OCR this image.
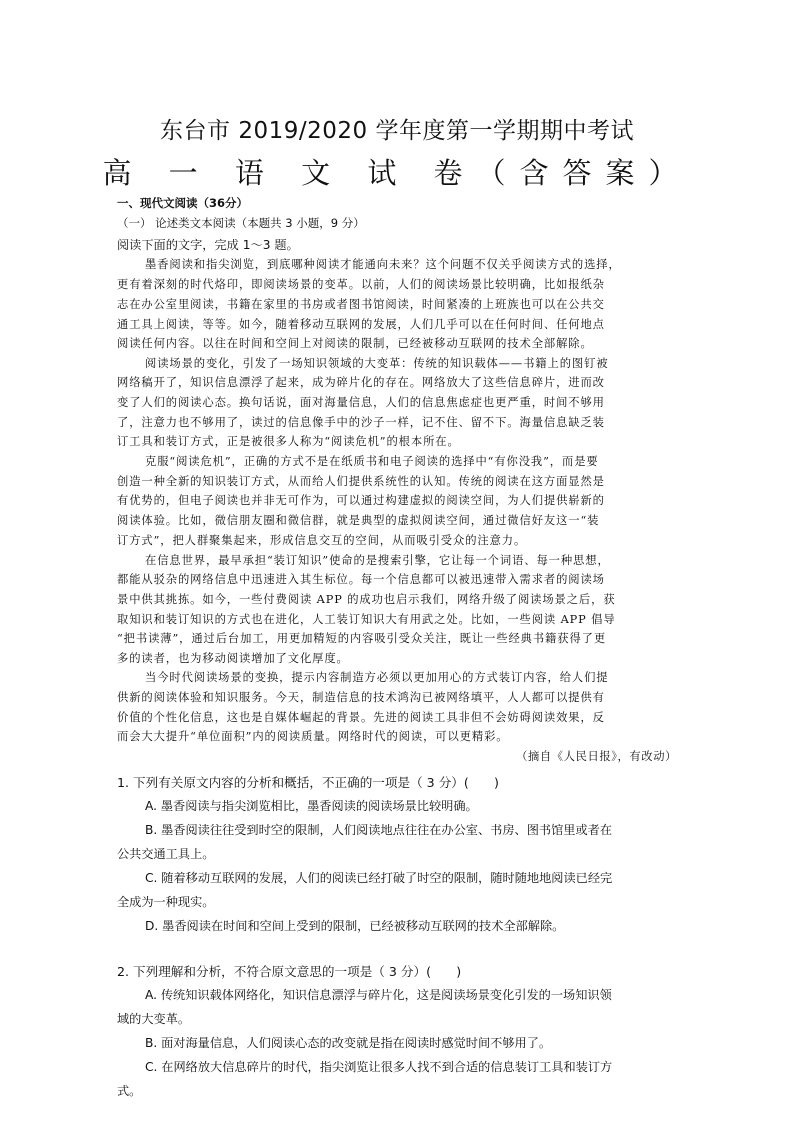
东台市 2019/2020 学年度第一学期期中考试
高 一 语 文 试 卷（含答案）
一、现代文阅读（36分）
（一） 论述类文本阅读（本题共 3 小题，9 分）
阅读下面的文字，完成 1～3 题。
墨香阅读和指尖浏览，到底哪种阅读才能通向未来？这个问题不仅关乎阅读方式的选择，
更有着深刻的时代烙印，即阅读场景的变革。以前，人们的阅读场景比较明确，比如报纸杂
志在办公室里阅读，书籍在家里的书房或者图书馆阅读，时间紧凑的上班族也可以在公共交
通工具上阅读，等等。如今，随着移动互联网的发展，人们几乎可以在任何时间、任何地点
阅读任何内容。以往在时间和空间上对阅读的限制，已经被移动互联网的技术全部解除。
阅读场景的变化，引发了一场知识领域的大变革：传统的知识载体——书籍上的图钉被
网络稿开了，知识信息漂浮了起来，成为碎片化的存在。网络放大了这些信息碎片，进而改
变了人们的阅读心态。换句话说，面对海量信息，人们的信息焦虑症也更严重，时间不够用
了，注意力也不够用了，读过的信息像手中的沙子一样，记不住、留不下。海量信息缺乏装
订工具和装订方式，正是被很多人称为“阅读危机”的根本所在。
克服“阅读危机”，正确的方式不是在纸质书和电子阅读的选择中“有你没我”，而是要
创造一种全新的知识装订方式，从而给人们提供系统性的认知。传统的阅读在这方面显然是
有优势的，但电子阅读也并非无可作为，可以通过构建虚拟的阅读空间，为人们提供崭新的
阅读体验。比如，微信朋友圈和微信群，就是典型的虚拟阅读空间，通过微信好友这一“装
订方式”，把人群聚集起来，形成信息交互的空间，从而吸引受众的注意力。
在信息世界，最早承担“装订知识”使命的是搜索引擎，它让每一个词语、每一种思想，
都能从驳杂的网络信息中迅速进入其生标位。每一个信息都可以被迅速带入需求者的阅读场
景中供其挑拣。如今，一些付费阅读 APP 的成功也启示我们，网络升级了阅读场景之后，获
取知识和装订知识的方式也在进化，人工装订知识大有用武之处。比如，一些阅读 APP 倡导
“把书读薄”，通过后台加工，用更加精短的内容吸引受众关注，既让一些经典书籍获得了更
多的读者，也为移动阅读增加了文化厚度。
当今时代阅读场景的变换，提示内容制造方必须以更加用心的方式装订内容，给人们提
供新的阅读体验和知识服务。今天，制造信息的技术鸿沟已被网络填平，人人都可以提供有
价值的个性化信息，这也是自媒体崛起的背景。先进的阅读工具非但不会妨碍阅读效果，反
而会大大提升“单位面积”内的阅读质量。网络时代的阅读，可以更精彩。
（摘自《人民日报》，有改动）
1. 下列有关原文内容的分析和概括，不正确的一项是（ 3 分）(　　)
A. 墨香阅读与指尖浏览相比，墨香阅读的阅读场景比较明确。
B. 墨香阅读往往受到时空的限制，人们阅读地点往往在办公室、书房、图书馆里或者在
公共交通工具上。
C. 随着移动互联网的发展，人们的阅读已经打破了时空的限制，随时随地地阅读已经完
全成为一种现实。
D. 墨香阅读在时间和空间上受到的限制，已经被移动互联网的技术全部解除。
2. 下列理解和分析，不符合原文意思的一项是（ 3 分）(　　)
A. 传统知识载体网络化，知识信息漂浮与碎片化，这是阅读场景变化引发的一场知识领
域的大变革。
B. 面对海量信息，人们阅读心态的改变就是指在阅读时感觉时间不够用了。
C. 在网络放大信息碎片的时代，指尖浏览让很多人找不到合适的信息装订工具和装订方
式。
